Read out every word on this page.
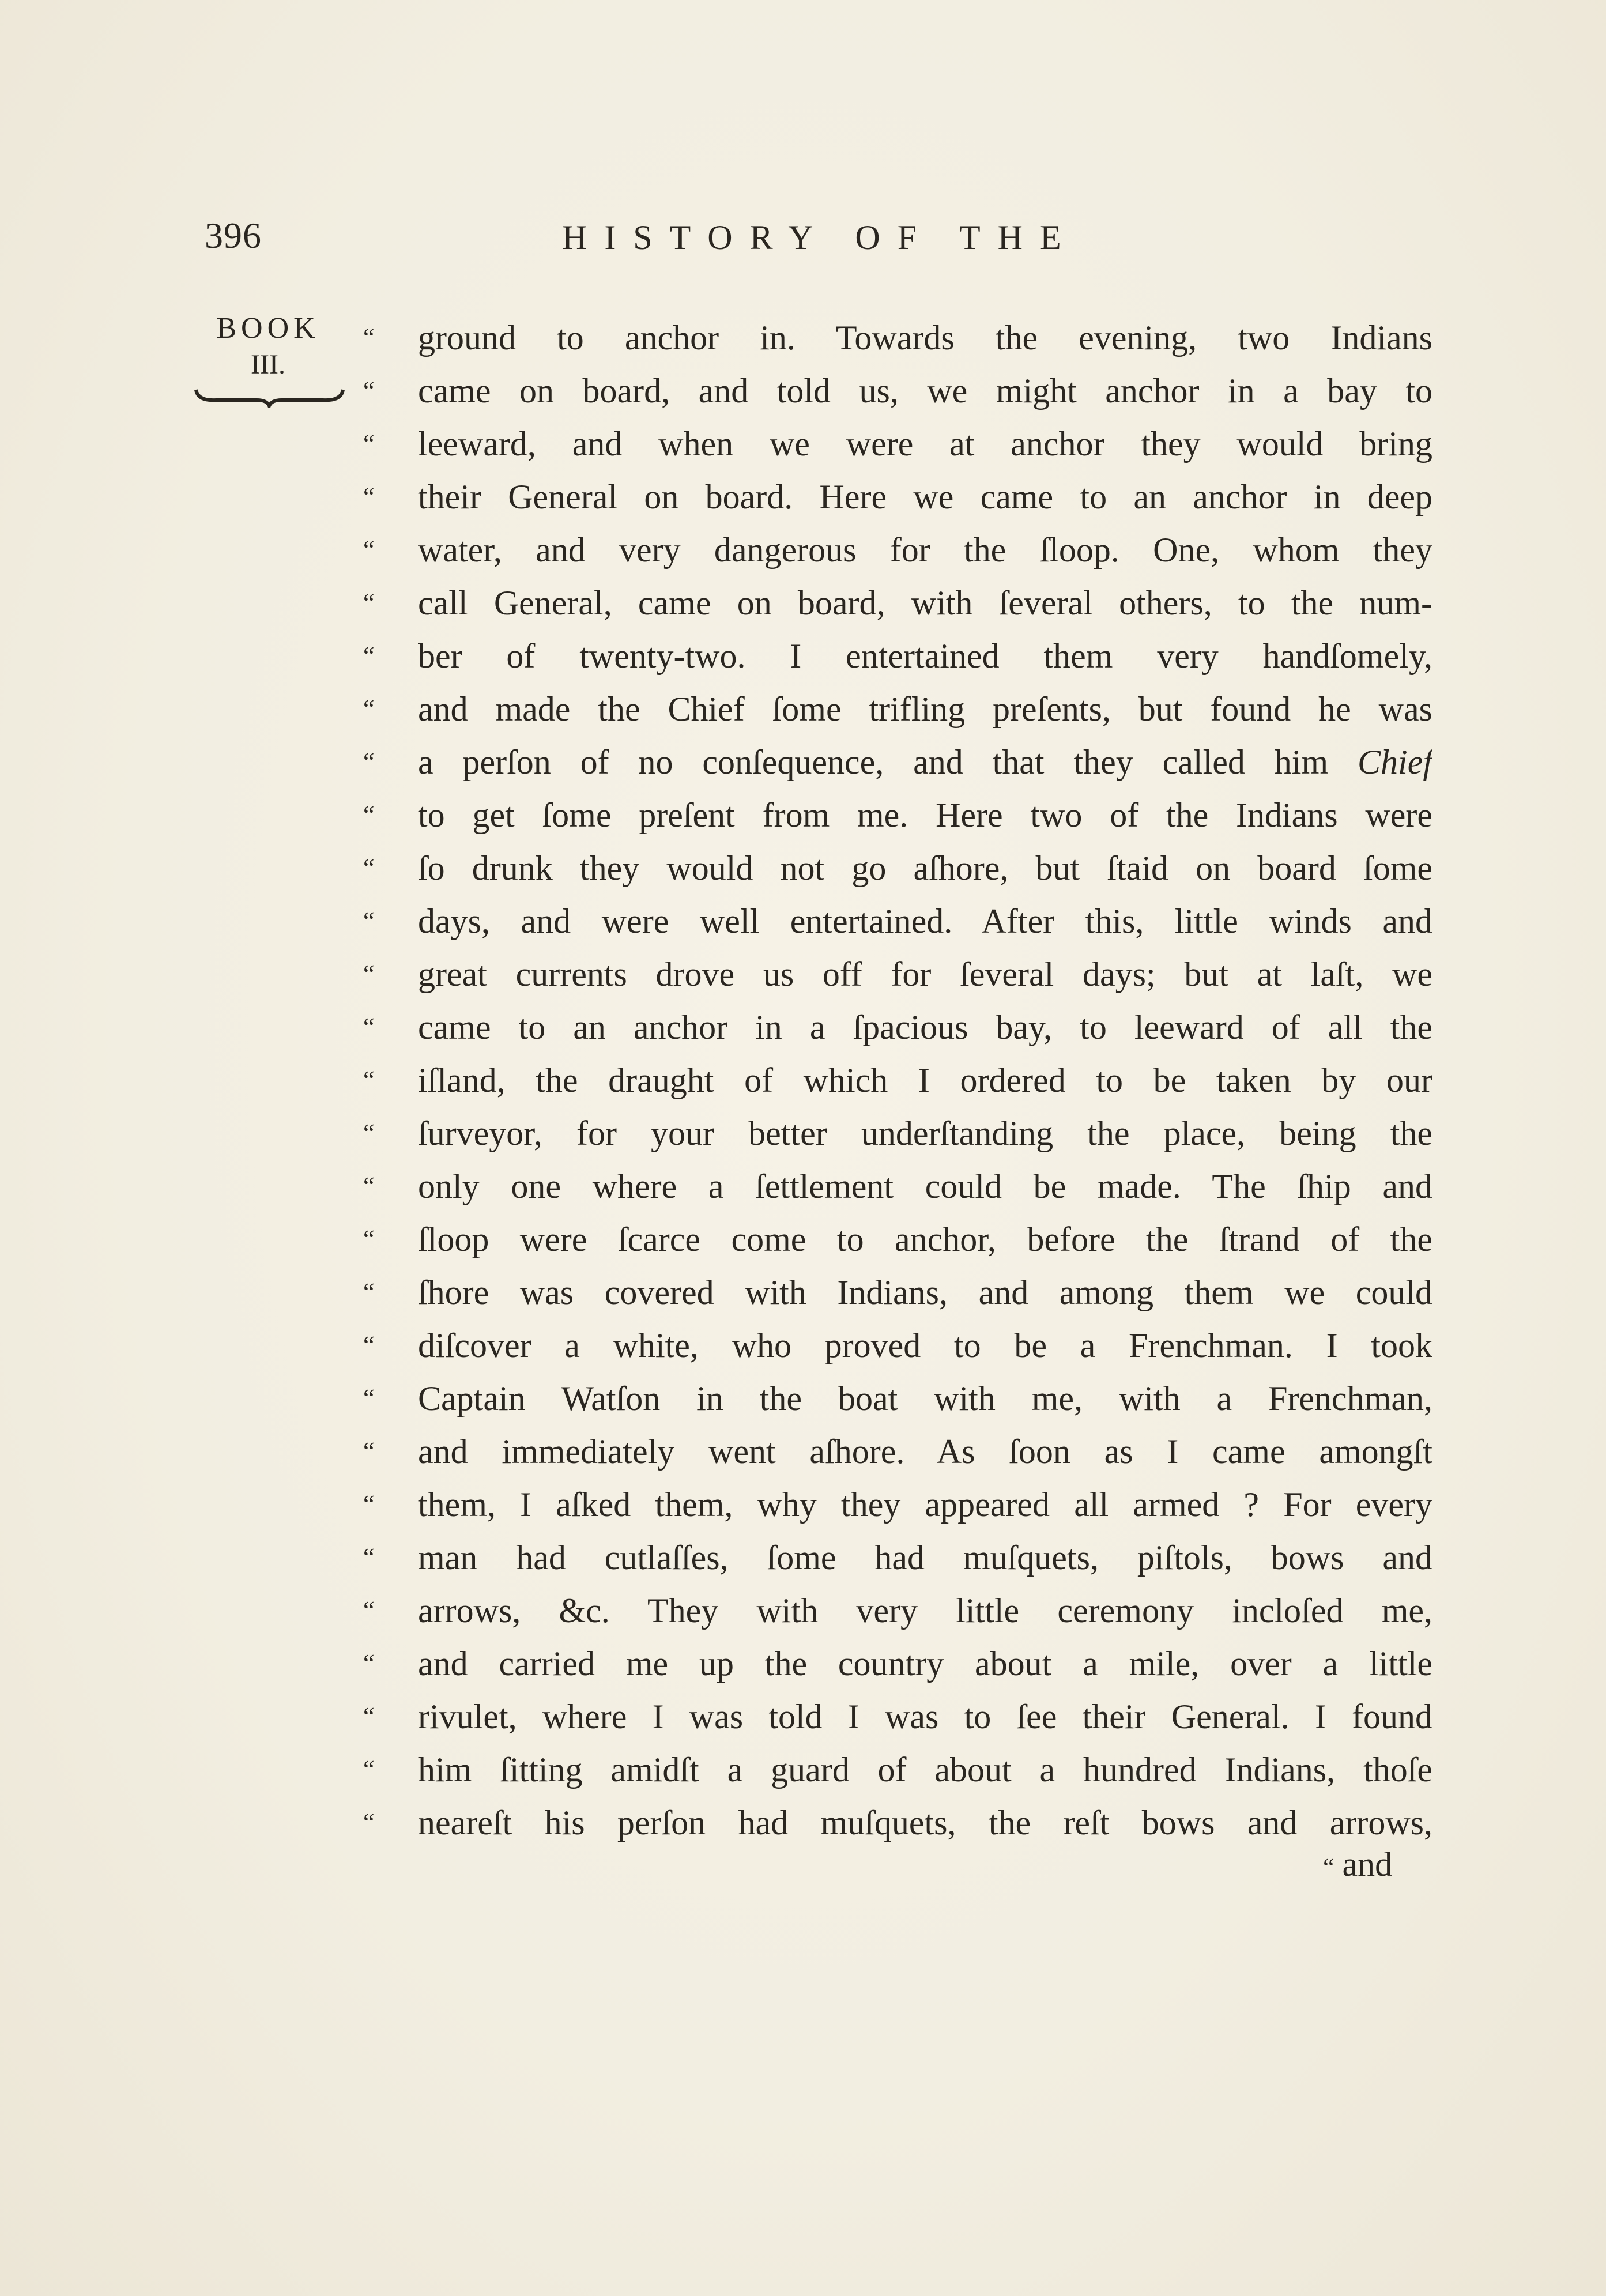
396	HISTORY OF THE
BOOK
III.
“ ground to anchor in. Towards the evening, two Indians
“ came on board, and told us, we might anchor in a bay to
“ leeward, and when we were at anchor they would bring
“ their General on board. Here we came to an anchor in deep
“ water, and very dangerous for the ſloop. One, whom they
“ call General, came on board, with ſeveral others, to the num-
“ ber of twenty-two. I entertained them very handſomely,
“ and made the Chief ſome trifling preſents, but found he was
“ a perſon of no conſequence, and that they called him Chief
“ to get ſome preſent from me. Here two of the Indians were
“ ſo drunk they would not go aſhore, but ſtaid on board ſome
“ days, and were well entertained. After this, little winds and
“ great currents drove us off for ſeveral days; but at laſt, we
“ came to an anchor in a ſpacious bay, to leeward of all the
“ iſland, the draught of which I ordered to be taken by our
“ ſurveyor, for your better underſtanding the place, being the
“ only one where a ſettlement could be made. The ſhip and
“ ſloop were ſcarce come to anchor, before the ſtrand of the
“ ſhore was covered with Indians, and among them we could
“ diſcover a white, who proved to be a Frenchman. I took
“ Captain Watſon in the boat with me, with a Frenchman,
“ and immediately went aſhore. As ſoon as I came amongſt
“ them, I aſked them, why they appeared all armed ? For every
“ man had cutlaſſes, ſome had muſquets, piſtols, bows and
“ arrows, &c. They with very little ceremony incloſed me,
“ and carried me up the country about a mile, over a little
“ rivulet, where I was told I was to ſee their General. I found
“ him ſitting amidſt a guard of about a hundred Indians, thoſe
“ neareſt his perſon had muſquets, the reſt bows and arrows,
“ and
